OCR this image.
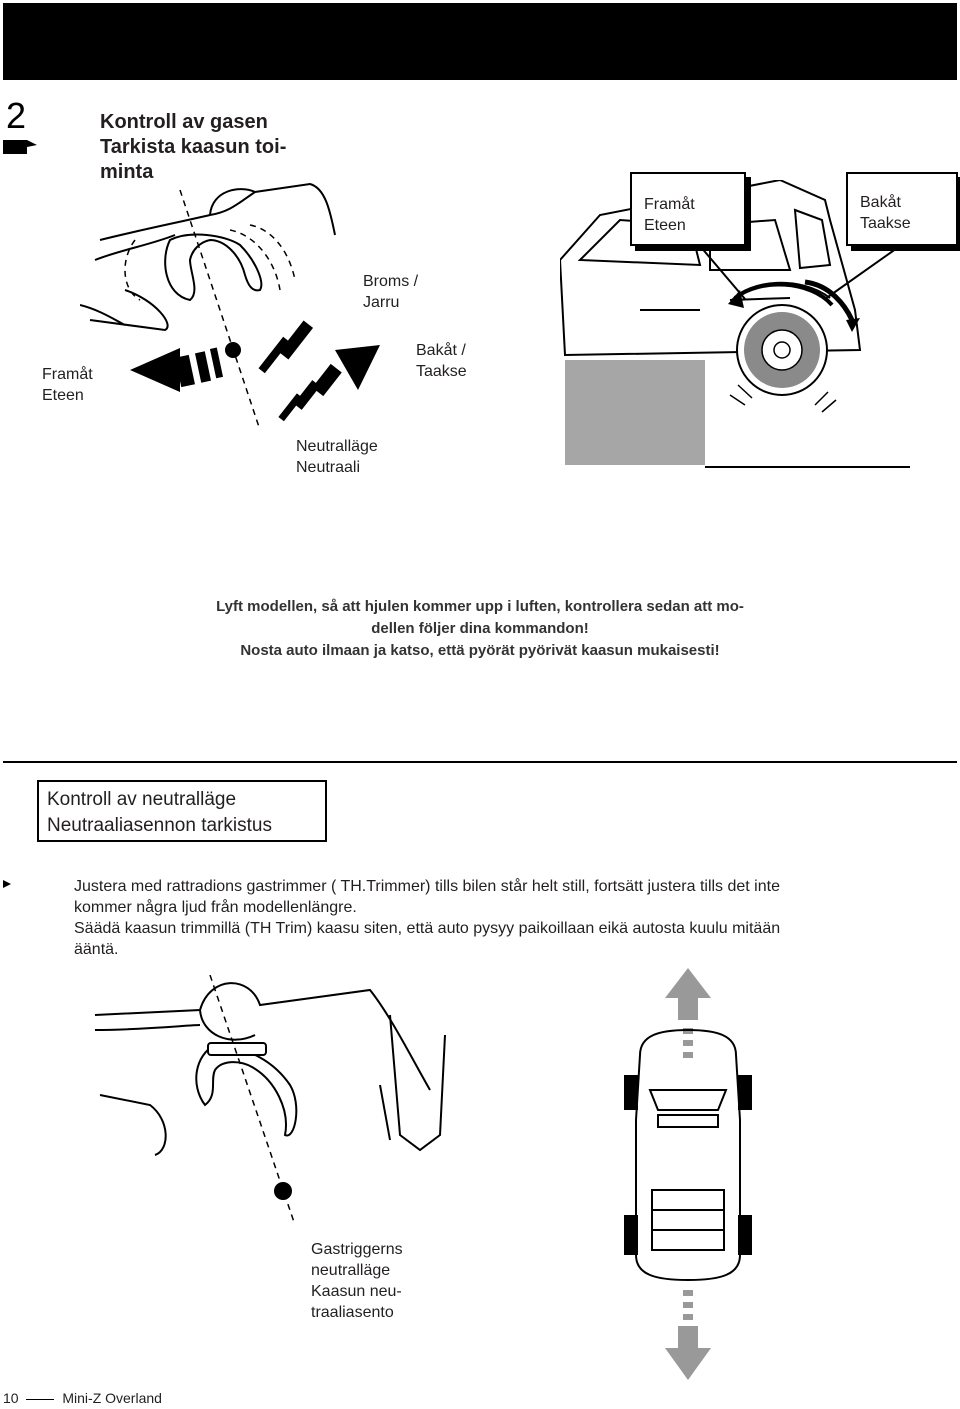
2	Kontroll av gasen
Tarkista kaasun toi-
minta
Framåt
Eteen
Broms /
Jarru
Bakåt /
Taakse
Neutralläge
Neutraali
Framåt
Eteen
Bakåt
Taakse
Lyft modellen, så att hjulen kommer upp i luften, kontrollera sedan att mo-
dellen följer dina kommandon!
Nosta auto ilmaan ja katso, että pyörät pyörivät kaasun mukaisesti!
Kontroll av neutralläge
Neutraaliasennon tarkistus
Justera med rattradions gastrimmer ( TH.Trimmer) tills bilen står helt still, fortsätt justera tills det inte
kommer några ljud från modellenlängre.
Säädä kaasun trimmillä (TH Trim) kaasu siten, että auto pysyy paikoillaan eikä autosta kuulu mitään
ääntä.
Gastriggerns
neutralläge
Kaasun neu-
traaliasento
10	Mini-Z Overland
